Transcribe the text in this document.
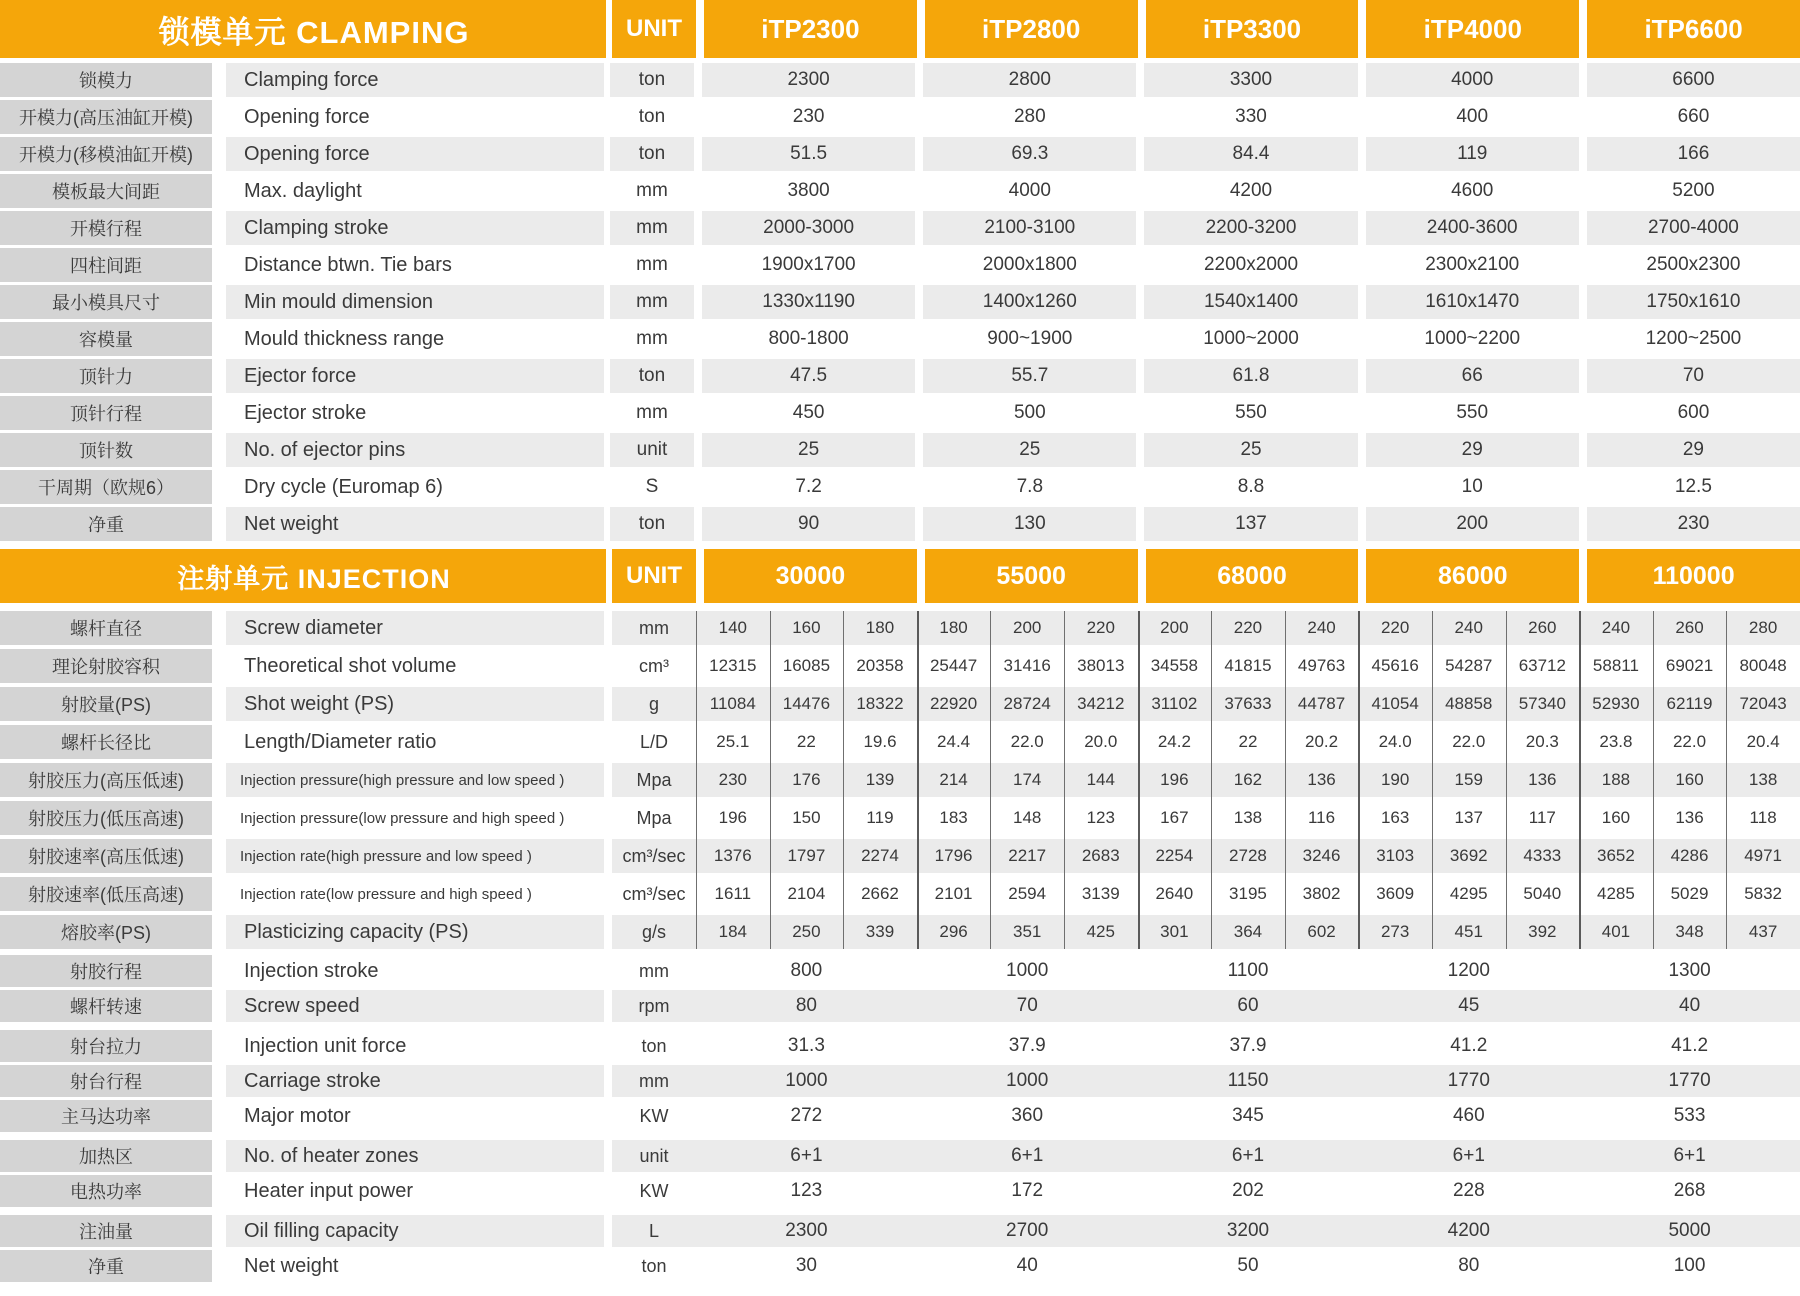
锁模单元 CLAMPING	UNIT	iTP2300	iTP2800	iTP3300	iTP4000	iTP6600
锁模力	Clamping force	ton	2300	2800	3300	4000	6600
开模力(高压油缸开模)	Opening force	ton	230	280	330	400	660
开模力(移模油缸开模)	Opening force	ton	51.5	69.3	84.4	119	166
模板最大间距	Max. daylight	mm	3800	4000	4200	4600	5200
开模行程	Clamping stroke	mm	2000-3000	2100-3100	2200-3200	2400-3600	2700-4000
四柱间距	Distance btwn. Tie bars	mm	1900x1700	2000x1800	2200x2000	2300x2100	2500x2300
最小模具尺寸	Min mould dimension	mm	1330x1190	1400x1260	1540x1400	1610x1470	1750x1610
容模量	Mould thickness range	mm	800-1800	900~1900	1000~2000	1000~2200	1200~2500
顶针力	Ejector force	ton	47.5	55.7	61.8	66	70
顶针行程	Ejector stroke	mm	450	500	550	550	600
顶针数	No. of ejector pins	unit	25	25	25	29	29
干周期（欧规6）	Dry cycle (Euromap 6)	S	7.2	7.8	8.8	10	12.5
净重	Net weight	ton	90	130	137	200	230
注射单元 INJECTION	UNIT	30000	55000	68000	86000	110000
螺杆直径	Screw diameter	mm	140	160	180	180	200	220	200	220	240	220	240	260	240	260	280
理论射胶容积	Theoretical shot volume	cm³	12315	16085	20358	25447	31416	38013	34558	41815	49763	45616	54287	63712	58811	69021	80048
射胶量(PS)	Shot weight (PS)	g	11084	14476	18322	22920	28724	34212	31102	37633	44787	41054	48858	57340	52930	62119	72043
螺杆长径比	Length/Diameter ratio	L/D	25.1	22	19.6	24.4	22.0	20.0	24.2	22	20.2	24.0	22.0	20.3	23.8	22.0	20.4
射胶压力(高压低速)	Injection pressure(high pressure and low speed )	Mpa	230	176	139	214	174	144	196	162	136	190	159	136	188	160	138
射胶压力(低压高速)	Injection pressure(low pressure and high speed )	Mpa	196	150	119	183	148	123	167	138	116	163	137	117	160	136	118
射胶速率(高压低速)	Injection rate(high pressure and low speed )	cm³/sec	1376	1797	2274	1796	2217	2683	2254	2728	3246	3103	3692	4333	3652	4286	4971
射胶速率(低压高速)	Injection rate(low pressure and high speed )	cm³/sec	1611	2104	2662	2101	2594	3139	2640	3195	3802	3609	4295	5040	4285	5029	5832
熔胶率(PS)	Plasticizing capacity (PS)	g/s	184	250	339	296	351	425	301	364	602	273	451	392	401	348	437
射胶行程	Injection stroke	mm	800	1000	1100	1200	1300
螺杆转速	Screw speed	rpm	80	70	60	45	40
射台拉力	Injection unit force	ton	31.3	37.9	37.9	41.2	41.2
射台行程	Carriage stroke	mm	1000	1000	1150	1770	1770
主马达功率	Major motor	KW	272	360	345	460	533
加热区	No. of heater zones	unit	6+1	6+1	6+1	6+1	6+1
电热功率	Heater input power	KW	123	172	202	228	268
注油量	Oil filling capacity	L	2300	2700	3200	4200	5000
净重	Net weight	ton	30	40	50	80	100
